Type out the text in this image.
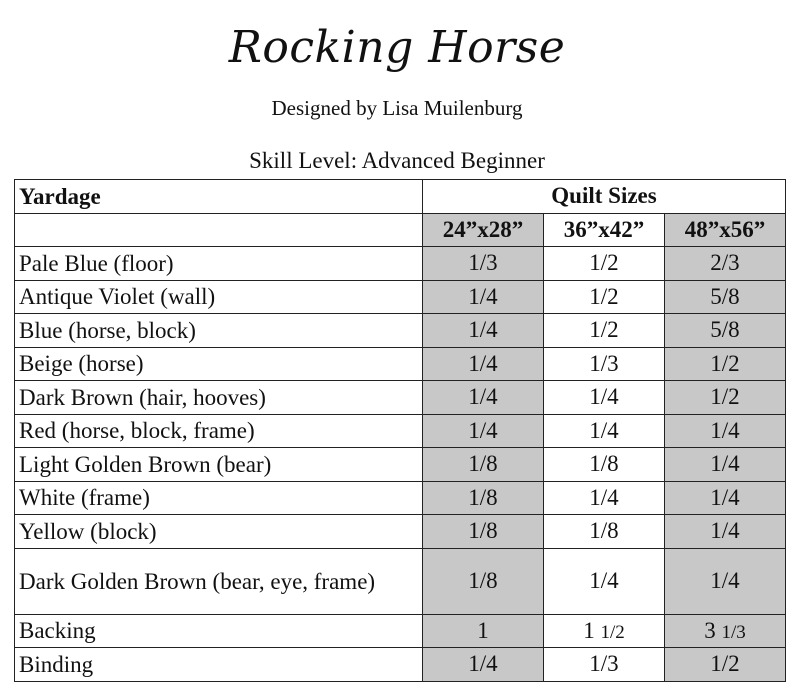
Rocking Horse
Designed by Lisa Muilenburg
Skill Level: Advanced Beginner
Yardage	Quilt Sizes		
	24”x28”	36”x42”	48”x56”
Pale Blue (floor)	1/3	1/2	2/3
Antique Violet (wall)	1/4	1/2	5/8
Blue (horse, block)	1/4	1/2	5/8
Beige (horse)	1/4	1/3	1/2
Dark Brown (hair, hooves)	1/4	1/4	1/2
Red (horse, block, frame)	1/4	1/4	1/4
Light Golden Brown (bear)	1/8	1/8	1/4
White (frame)	1/8	1/4	1/4
Yellow (block)	1/8	1/8	1/4
Dark Golden Brown (bear, eye, frame)	1/8	1/4	1/4
Backing	1	1 1/2	3 1/3
Binding	1/4	1/3	1/2
